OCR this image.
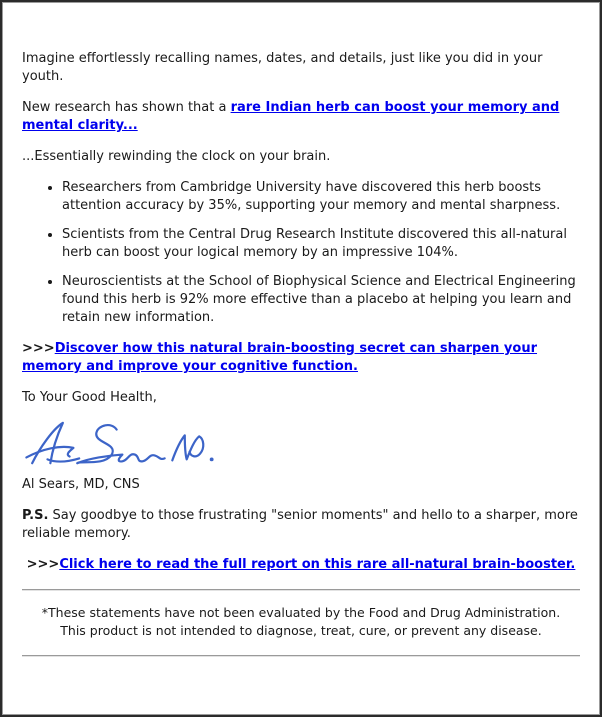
Imagine effortlessly recalling names, dates, and details, just like you did in your youth.

New research has shown that a rare Indian herb can boost your memory and mental clarity...

...Essentially rewinding the clock on your brain.

• Researchers from Cambridge University have discovered this herb boosts attention accuracy by 35%, supporting your memory and mental sharpness.
• Scientists from the Central Drug Research Institute discovered this all-natural herb can boost your logical memory by an impressive 104%.
• Neuroscientists at the School of Biophysical Science and Electrical Engineering found this herb is 92% more effective than a placebo at helping you learn and retain new information.

>>>Discover how this natural brain-boosting secret can sharpen your memory and improve your cognitive function.

To Your Good Health,

Al Sears, MD, CNS

P.S. Say goodbye to those frustrating "senior moments" and hello to a sharper, more reliable memory.

>>>Click here to read the full report on this rare all-natural brain-booster.

*These statements have not been evaluated by the Food and Drug Administration. This product is not intended to diagnose, treat, cure, or prevent any disease.
